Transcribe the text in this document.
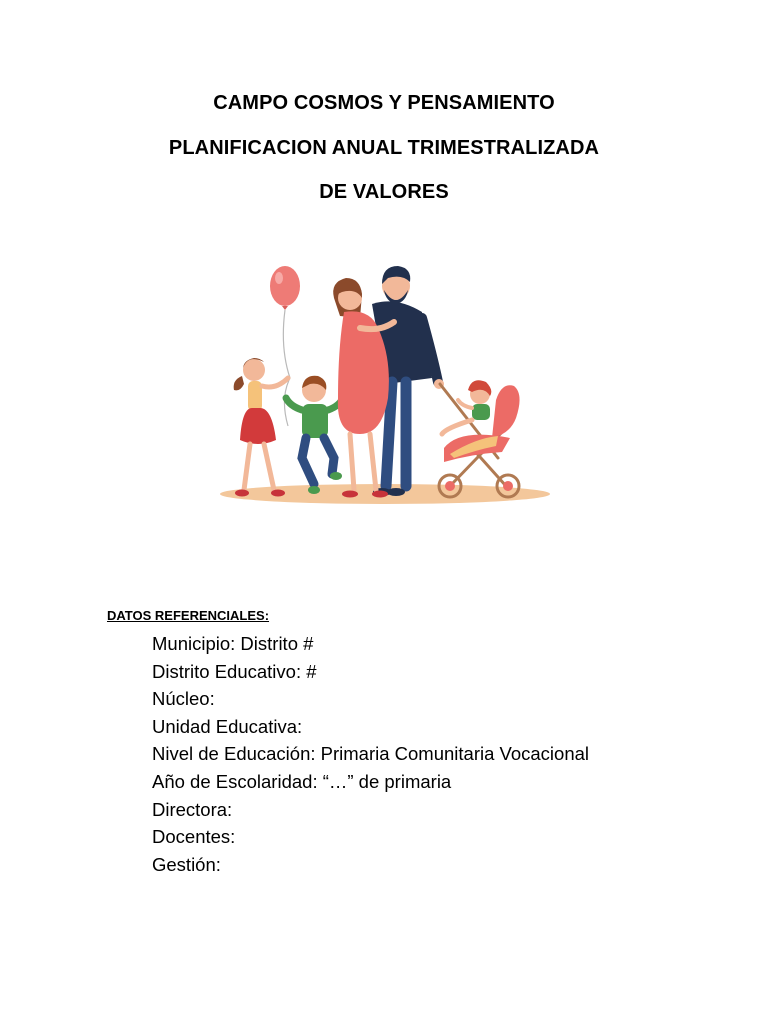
CAMPO COSMOS Y PENSAMIENTO
PLANIFICACION ANUAL TRIMESTRALIZADA
DE VALORES
DATOS REFERENCIALES:
Municipio: Distrito #
Distrito Educativo: #
Núcleo:
Unidad Educativa:
Nivel de Educación: Primaria Comunitaria Vocacional
Año de Escolaridad: “…” de primaria
Directora:
Docentes:
Gestión:
